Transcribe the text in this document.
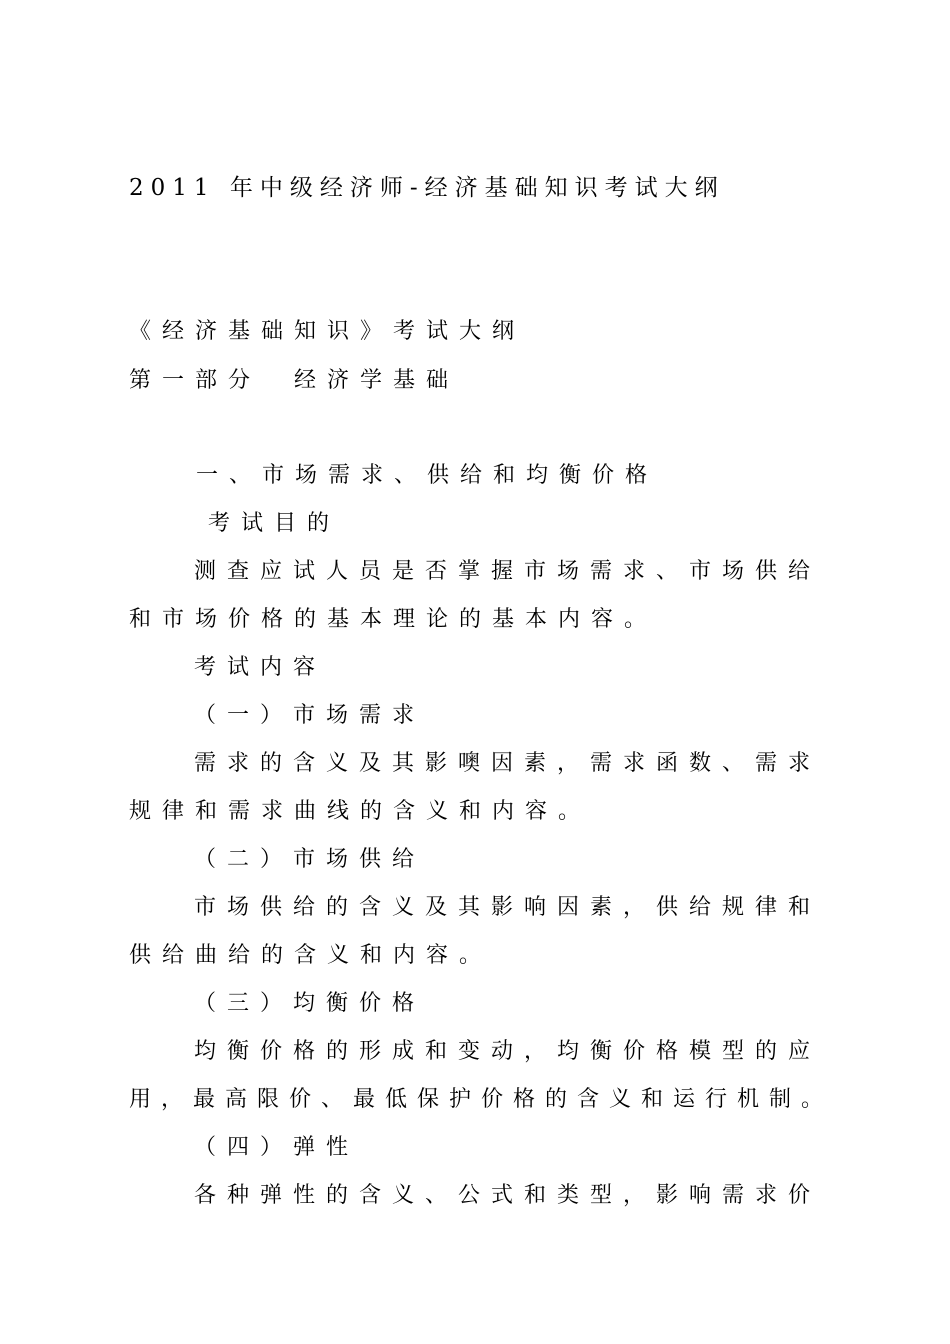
2011 年中级经济师-经济基础知识考试大纲
《经济基础知识》考试大纲
第一部分　经济学基础
一、市场需求、供给和均衡价格
考试目的
测查应试人员是否掌握市场需求、市场供给
和市场价格的基本理论的基本内容。
考试内容
（一）市场需求
需求的含义及其影噢因素，需求函数、需求
规律和需求曲线的含义和内容。
（二）市场供给
市场供给的含义及其影响因素，供给规律和
供给曲给的含义和内容。
（三）均衡价格
均衡价格的形成和变动，均衡价格模型的应
用，最高限价、最低保护价格的含义和运行机制。
（四）弹性
各种弹性的含义、公式和类型，影响需求价
